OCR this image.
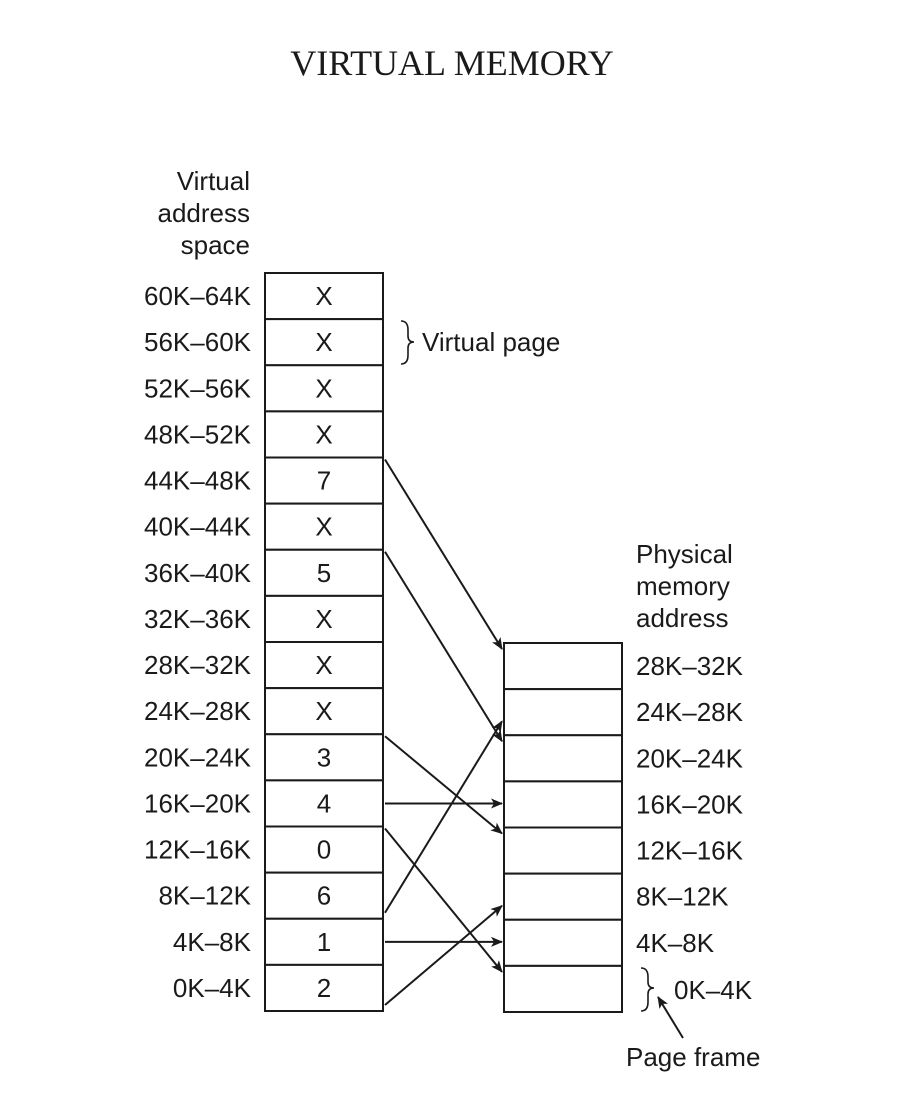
VIRTUAL MEMORY
Virtual
address
space
Physical
memory
address
X
60K–64K
X
56K–60K
X
52K–56K
X
48K–52K
7
44K–48K
X
40K–44K
5
36K–40K
X
32K–36K
X
28K–32K
X
24K–28K
3
20K–24K
4
16K–20K
0
12K–16K
6
8K–12K
1
4K–8K
2
0K–4K
28K–32K
24K–28K
20K–24K
16K–20K
12K–16K
8K–12K
4K–8K
Virtual page
0K–4K
Page frame
